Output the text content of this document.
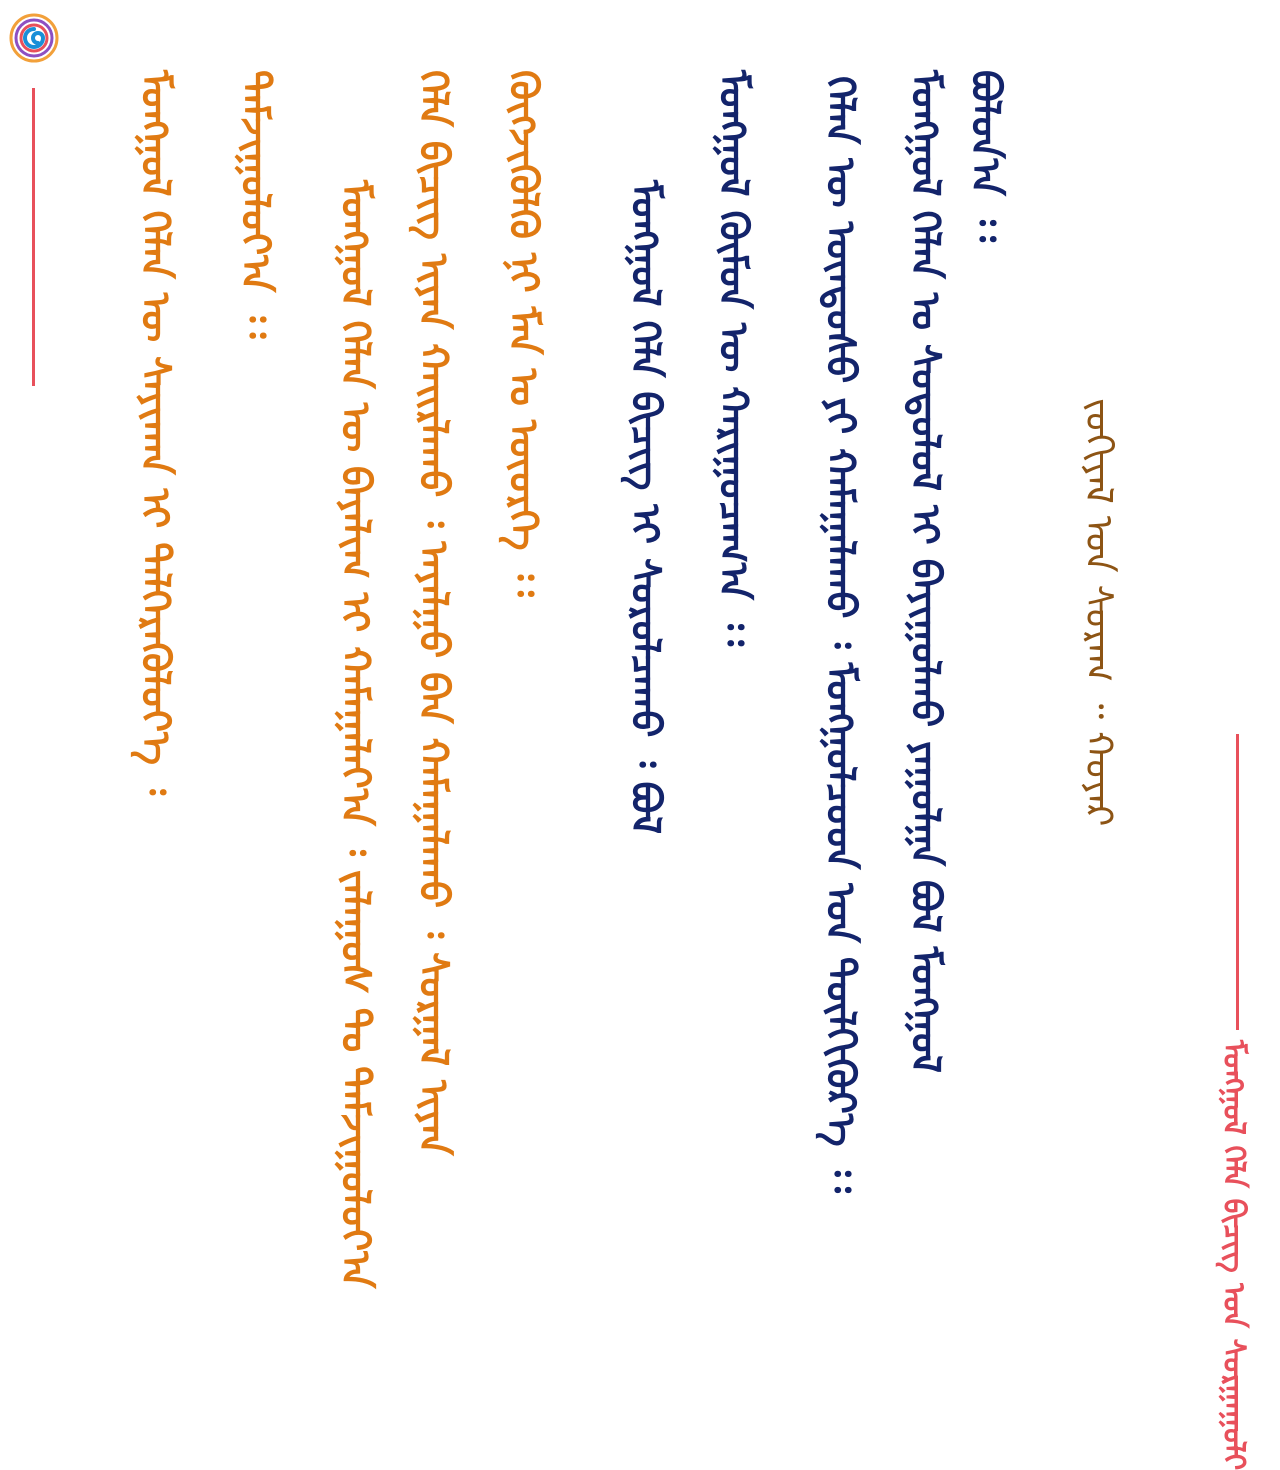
ᠮᠣᠩᠭᠣᠯ ᠬᠡᠯᠡ ᠪᠢᠴᠢᠭ ᠤᠨ ᠰᠤᠷᠭᠠᠭᠤᠯᠢ
ᠵᠣᠬᠢᠶᠠᠯ ᠤᠨ ᠰᠤᠷᠠᠭ ᠃ ᠬᠣᠶᠠᠷ
ᠪᠣᠯᠤᠨ᠎ᠠ ᠄᠄
ᠮᠣᠩᠭᠣᠯ ᠬᠡᠯᠡᠨ ᠤ ᠰᠣᠳᠤᠯᠤᠯ ᠢ ᠪᠠᠶᠢᠭᠤᠯᠬᠤ ᠶᠠᠭᠤᠯᠭᠠ ᠪᠣᠯ ᠮᠣᠩᠭᠣᠯ
ᠬᠡᠯᠡᠨ ᠦ ᠦᠨᠳᠦᠰᠦ ᠶᠢ ᠬᠠᠮᠠᠭᠠᠯᠠᠬᠤ ᠄ ᠮᠣᠩᠭᠣᠯᠴᠤᠳ ᠤᠨ ᠲᠦᠯᠬᠢᠭᠦᠷ᠎ᠡ ᠄᠄
ᠮᠣᠩᠭᠣᠯ ᠬᠡᠯᠡ ᠪᠢᠴᠢᠭ ᠢ ᠰᠤᠷᠤᠯᠴᠠᠬᠤ ᠄ ᠪᠣᠯ	ᠮᠣᠩᠭᠣᠯ ᠬᠦᠮᠦᠨ ᠦ ᠬᠠᠷᠢᠭᠤᠴᠠᠭ᠎ᠠ ᠄᠄
ᠬᠡᠯᠡ ᠪᠢᠴᠢᠭ ᠢᠶᠡᠨ ᠬᠠᠢᠷᠯᠠᠬᠤ ᠄ ᠠᠶᠠᠯᠭᠤ ᠪᠠᠨ ᠬᠠᠮᠠᠭᠠᠯᠠᠬᠤ ᠄ ᠰᠤᠷᠭᠠᠯ ᠢᠶᠠᠨ	ᠬᠦᠭᠵᠢᠭᠦᠯᠬᠦ ᠨᠢ ᠮᠠᠨ ᠤ ᠦᠦᠷᠭᠡ ᠄᠄
ᠮᠣᠩᠭᠣᠯ ᠬᠡᠯᠡᠨ ᠦ ᠪᠠᠶᠠᠯᠢᠭ ᠢ ᠬᠠᠮᠠᠭᠠᠯᠠᠶ᠎ᠠ ᠄ ᠵᠠᠯᠠᠭᠤᠰ ᠲᠤ ᠳᠠᠮᠵᠢᠭᠤᠯᠤᠶ᠎ᠠ
ᠳᠠᠮᠵᠢᠭᠤᠯᠤᠶ᠎ᠠ ᠄᠄
ᠮᠣᠩᠭᠣᠯ ᠬᠡᠯᠡᠨ ᠦ ᠰᠠᠶᠢᠬᠠᠨ ᠢ ᠳᠡᠯᠭᠡᠷᠡᠭᠦᠯᠦᠶ᠎ᠡ ᠄
